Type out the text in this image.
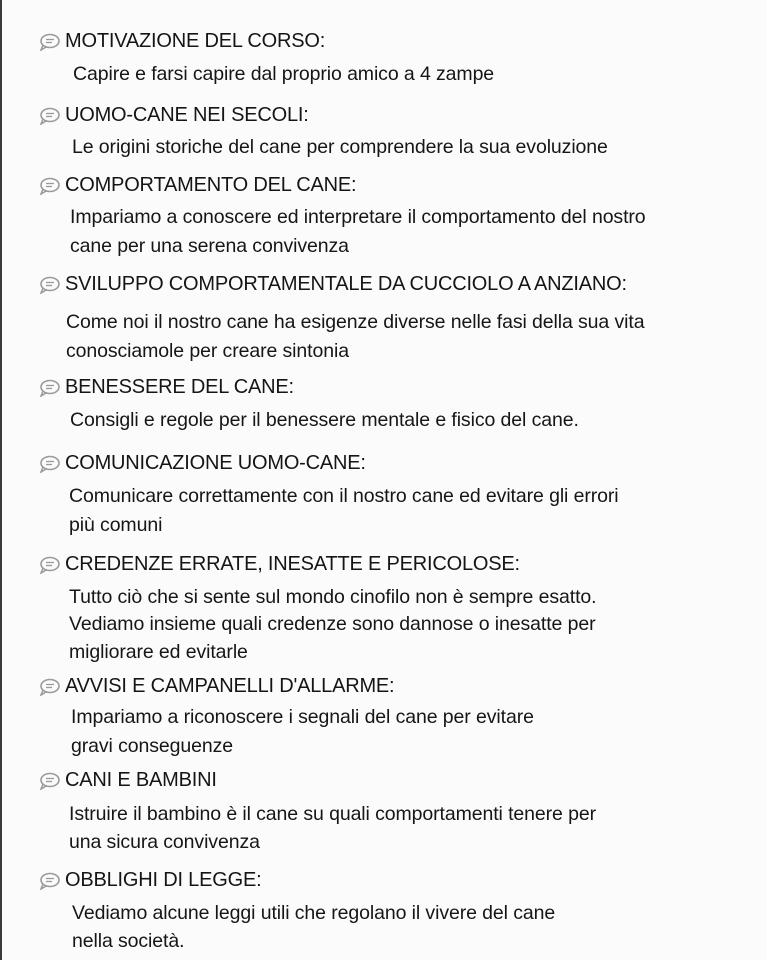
MOTIVAZIONE DEL CORSO:
Capire e farsi capire dal proprio amico a 4 zampe
UOMO-CANE NEI SECOLI:
Le origini storiche del cane per comprendere la sua evoluzione
COMPORTAMENTO DEL CANE:
Impariamo a conoscere ed interpretare il comportamento del nostro
cane per una serena convivenza
SVILUPPO COMPORTAMENTALE DA CUCCIOLO A ANZIANO:
Come noi il nostro cane ha esigenze diverse nelle fasi della sua vita
conosciamole per creare sintonia
BENESSERE DEL CANE:
Consigli e regole per il benessere mentale e fisico del cane.
COMUNICAZIONE UOMO-CANE:
Comunicare correttamente con il nostro cane ed evitare gli errori
più comuni
CREDENZE ERRATE, INESATTE E PERICOLOSE:
Tutto ciò che si sente sul mondo cinofilo non è sempre esatto.
Vediamo insieme quali credenze sono dannose o inesatte per
migliorare ed evitarle
AVVISI E CAMPANELLI D'ALLARME:
Impariamo a riconoscere i segnali del cane per evitare
gravi conseguenze
CANI E BAMBINI
Istruire il bambino è il cane su quali comportamenti tenere per
una sicura convivenza
OBBLIGHI DI LEGGE:
Vediamo alcune leggi utili che regolano il vivere del cane
nella società.
